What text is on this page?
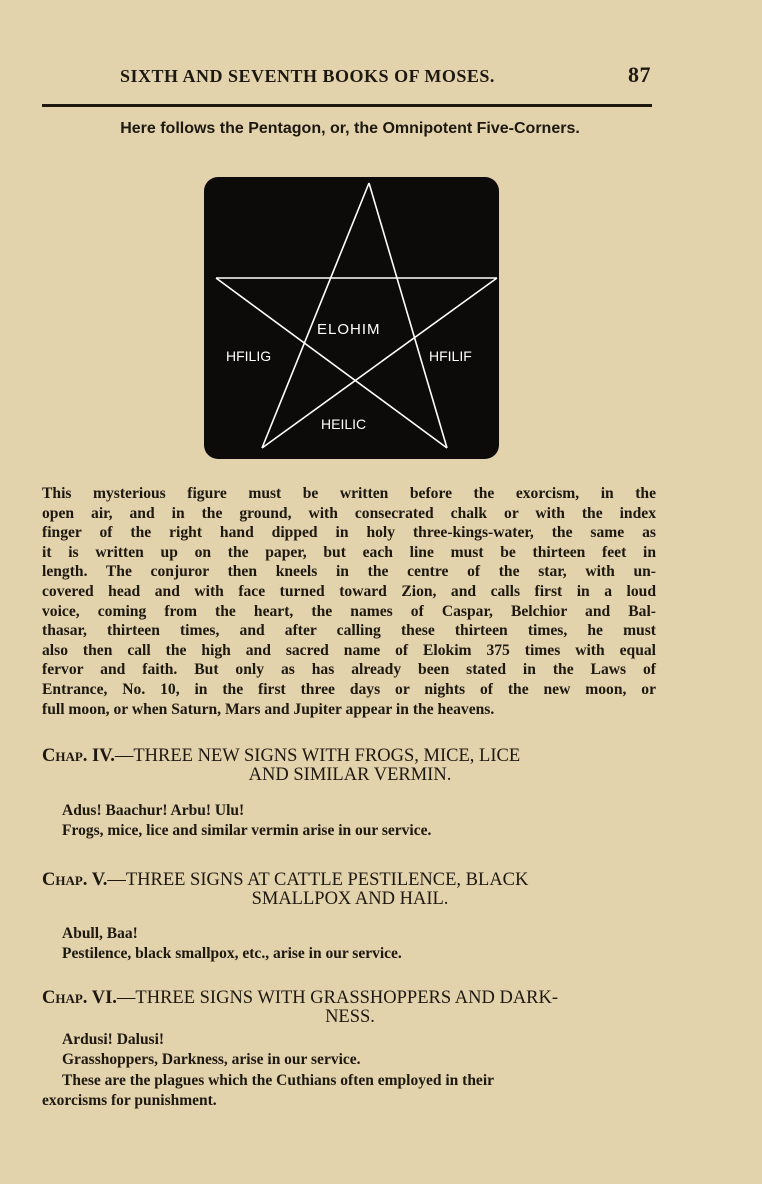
SIXTH AND SEVENTH BOOKS OF MOSES.	87
Here follows the Pentagon, or, the Omnipotent Five-Corners.
ELOHIM
HFILIG	HFILIF
HEILIC
This mysterious figure must be written before the exorcism, in the
open air, and in the ground, with consecrated chalk or with the index
finger of the right hand dipped in holy three-kings-water, the same as
it is written up on the paper, but each line must be thirteen feet in
length. The conjuror then kneels in the centre of the star, with un-
covered head and with face turned toward Zion, and calls first in a loud
voice, coming from the heart, the names of Caspar, Belchior and Bal-
thasar, thirteen times, and after calling these thirteen times, he must
also then call the high and sacred name of Elokim 375 times with equal
fervor and faith. But only as has already been stated in the Laws of
Entrance, No. 10, in the first three days or nights of the new moon, or
full moon, or when Saturn, Mars and Jupiter appear in the heavens.
Chap. IV.—THREE NEW SIGNS WITH FROGS, MICE, LICE
AND SIMILAR VERMIN.
Adus! Baachur! Arbu! Ulu!
Frogs, mice, lice and similar vermin arise in our service.
Chap. V.—THREE SIGNS AT CATTLE PESTILENCE, BLACK
SMALLPOX AND HAIL.
Abull, Baa!
Pestilence, black smallpox, etc., arise in our service.
Chap. VI.—THREE SIGNS WITH GRASSHOPPERS AND DARK-
NESS.
Ardusi! Dalusi!
Grasshoppers, Darkness, arise in our service.
These are the plagues which the Cuthians often employed in their
exorcisms for punishment.
